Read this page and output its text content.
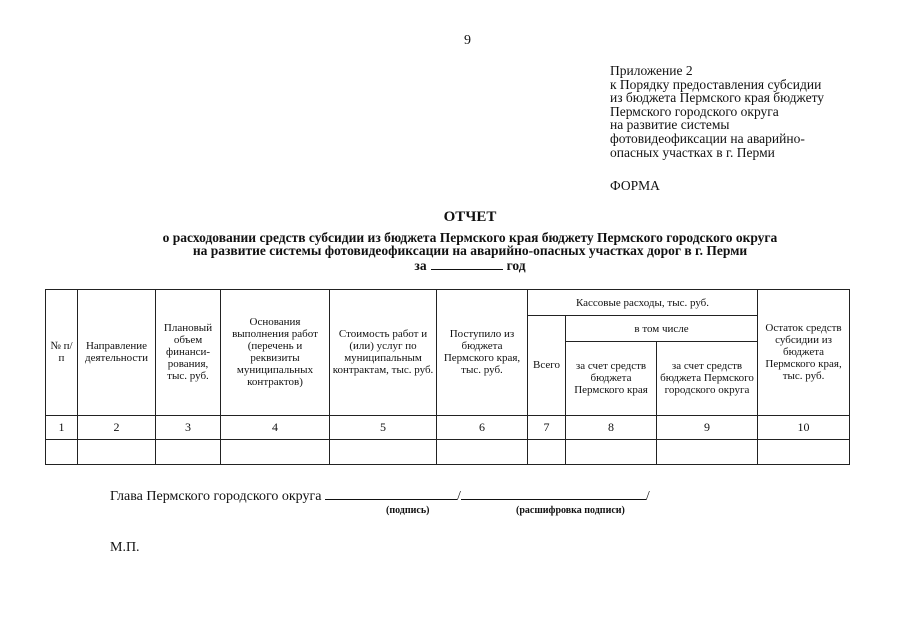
9
Приложение 2
к Порядку предоставления субсидии
из бюджета Пермского края бюджету
Пермского городского округа
на развитие системы
фотовидеофиксации на аварийно-
опасных участках в г. Перми
ФОРМА
ОТЧЕТ
о расходовании средств субсидии из бюджета Пермского края бюджету Пермского городского округа
на развитие системы фотовидеофиксации на аварийно-опасных участках дорог в г. Перми
за	год
№ п/п	Направление деятельности	Плановый объем финанси-рования, тыс. руб.	Основания выполнения работ (перечень и реквизиты муниципальных контрактов)	Стоимость работ и (или) услуг по муниципальным контрактам, тыс. руб.	Поступило из бюджета Пермского края, тыс. руб.	Кассовые расходы, тыс. руб.			Остаток средств субсидии из бюджета Пермского края, тыс. руб.
						Всего	в том числе		
							за счет средств бюджета Пермского края	за счет средств бюджета Пермского городского округа	
1	2	3	4	5	6	7	8	9	10

Глава Пермского городского округа	/	/
(подпись)	(расшифровка подписи)
М.П.
